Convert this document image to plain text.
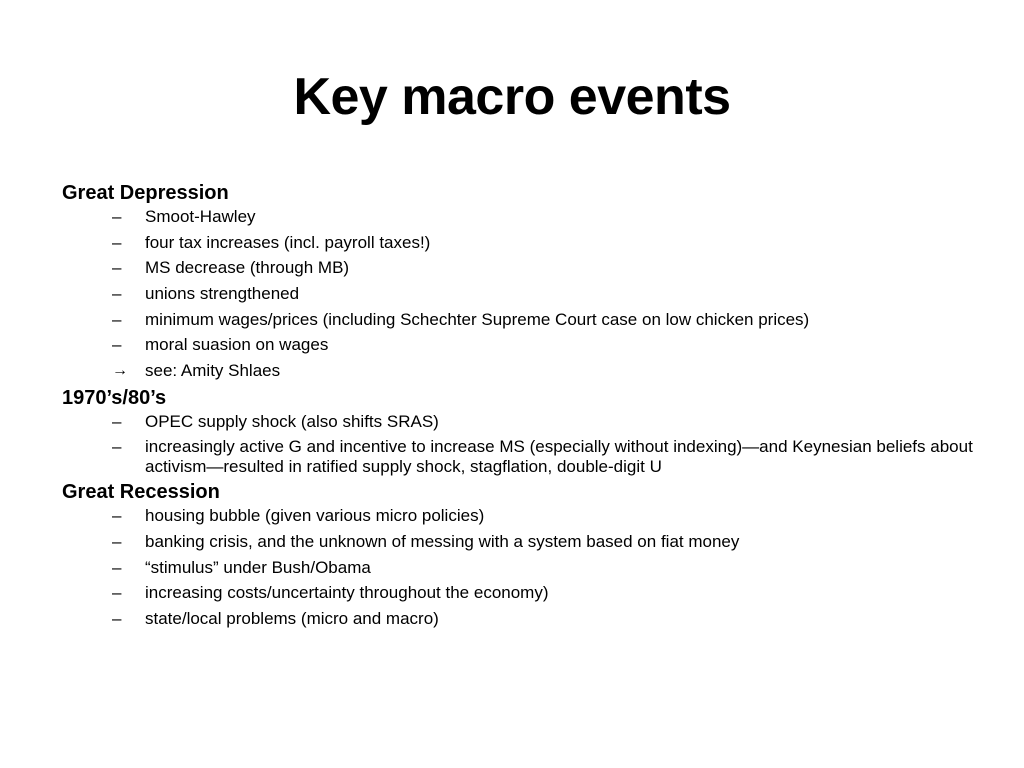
Key macro events
Great Depression
–	Smoot-Hawley
–	four tax increases (incl. payroll taxes!)
–	MS decrease (through MB)
–	unions strengthened
–	minimum wages/prices (including Schechter Supreme Court case on low chicken prices)
–	moral suasion on wages
→ see: Amity Shlaes
1970’s/80’s
–	OPEC supply shock (also shifts SRAS)
–	increasingly active G and incentive to increase MS (especially without indexing)—and Keynesian beliefs about activism—resulted in ratified supply shock, stagflation, double-digit U
Great Recession
–	housing bubble (given various micro policies)
–	banking crisis, and the unknown of messing with a system based on fiat money
–	“stimulus” under Bush/Obama
–	increasing costs/uncertainty throughout the economy)
–	state/local problems (micro and macro)
